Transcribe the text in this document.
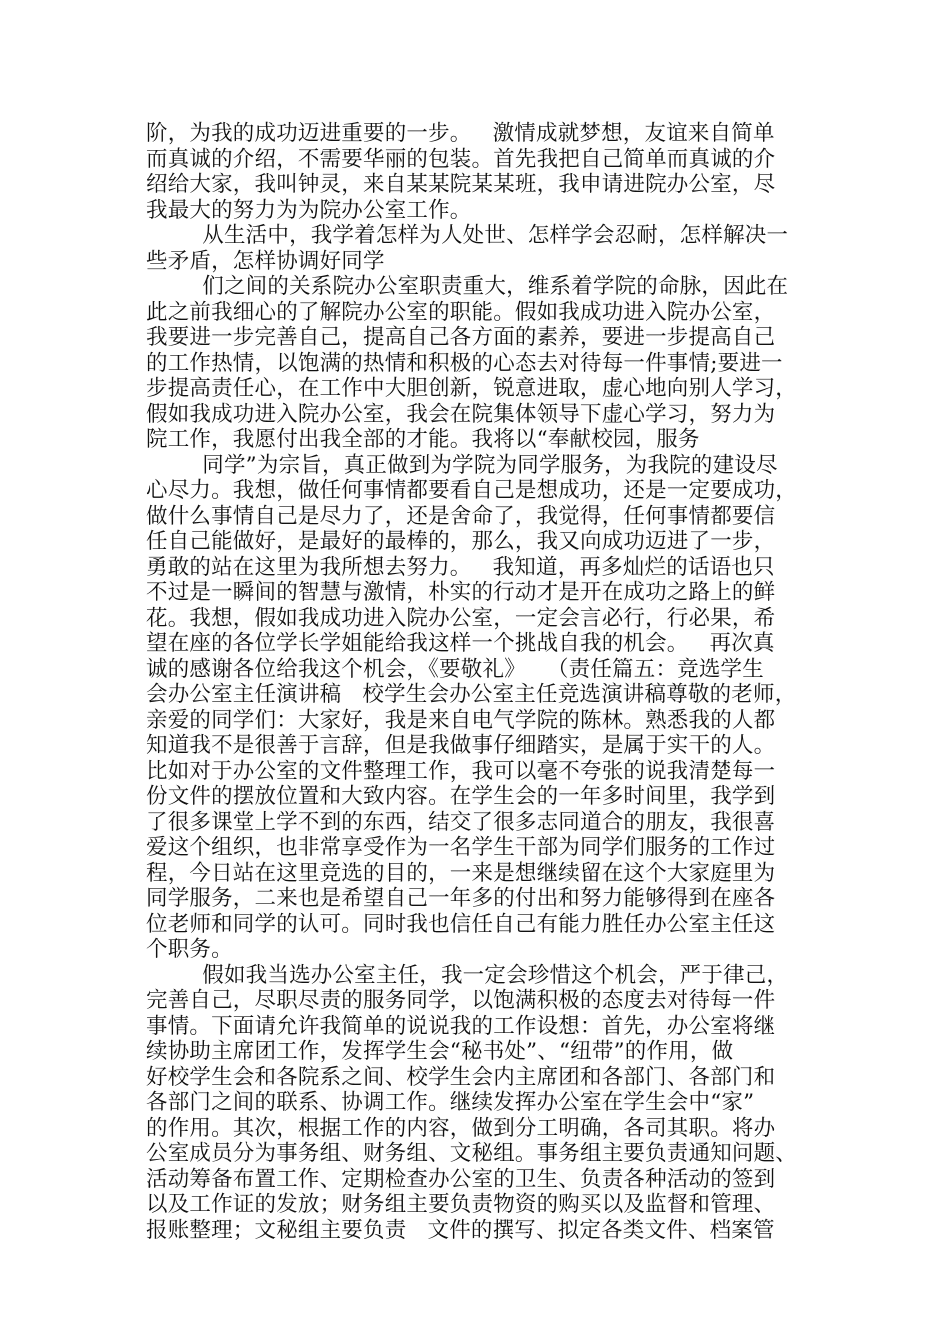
阶，为我的成功迈进重要的一步。   激情成就梦想，友谊来自简单
而真诚的介绍，不需要华丽的包装。首先我把自己简单而真诚的介
绍给大家，我叫钟灵，来自某某院某某班，我申请进院办公室，尽
我最大的努力为为院办公室工作。
从生活中，我学着怎样为人处世、怎样学会忍耐，怎样解决一
些矛盾，怎样协调好同学
们之间的关系院办公室职责重大，维系着学院的命脉，因此在
此之前我细心的了解院办公室的职能。假如我成功进入院办公室，
我要进一步完善自己，提高自己各方面的素养，要进一步提高自己
的工作热情，以饱满的热情和积极的心态去对待每一件事情;要进一
步提高责任心，在工作中大胆创新，锐意进取，虚心地向别人学习，
假如我成功进入院办公室，我会在院集体领导下虚心学习，努力为
院工作，我愿付出我全部的才能。我将以“奉献校园，服务
同学”为宗旨，真正做到为学院为同学服务，为我院的建设尽
心尽力。我想，做任何事情都要看自己是想成功，还是一定要成功，
做什么事情自己是尽力了，还是舍命了，我觉得，任何事情都要信
任自己能做好，是最好的最棒的，那么，我又向成功迈进了一步，
勇敢的站在这里为我所想去努力。   我知道，再多灿烂的话语也只
不过是一瞬间的智慧与激情，朴实的行动才是开在成功之路上的鲜
花。我想，假如我成功进入院办公室，一定会言必行，行必果，希
望在座的各位学长学姐能给我这样一个挑战自我的机会。   再次真
诚的感谢各位给我这个机会，《要敬礼》   （责任篇五：竞选学生
会办公室主任演讲稿   校学生会办公室主任竞选演讲稿尊敬的老师，
亲爱的同学们：大家好，我是来自电气学院的陈林。熟悉我的人都
知道我不是很善于言辞，但是我做事仔细踏实，是属于实干的人。
比如对于办公室的文件整理工作，我可以毫不夸张的说我清楚每一
份文件的摆放位置和大致内容。在学生会的一年多时间里，我学到
了很多课堂上学不到的东西，结交了很多志同道合的朋友，我很喜
爱这个组织，也非常享受作为一名学生干部为同学们服务的工作过
程，今日站在这里竞选的目的，一来是想继续留在这个大家庭里为
同学服务，二来也是希望自己一年多的付出和努力能够得到在座各
位老师和同学的认可。同时我也信任自己有能力胜任办公室主任这
个职务。
假如我当选办公室主任，我一定会珍惜这个机会，严于律己，
完善自己，尽职尽责的服务同学，以饱满积极的态度去对待每一件
事情。下面请允许我简单的说说我的工作设想：首先，办公室将继
续协助主席团工作，发挥学生会“秘书处”、“纽带”的作用，做
好校学生会和各院系之间、校学生会内主席团和各部门、各部门和
各部门之间的联系、协调工作。继续发挥办公室在学生会中“家”
的作用。其次，根据工作的内容，做到分工明确，各司其职。将办
公室成员分为事务组、财务组、文秘组。事务组主要负责通知问题、
活动筹备布置工作、定期检查办公室的卫生、负责各种活动的签到
以及工作证的发放；财务组主要负责物资的购买以及监督和管理、
报账整理；文秘组主要负责   文件的撰写、拟定各类文件、档案管
